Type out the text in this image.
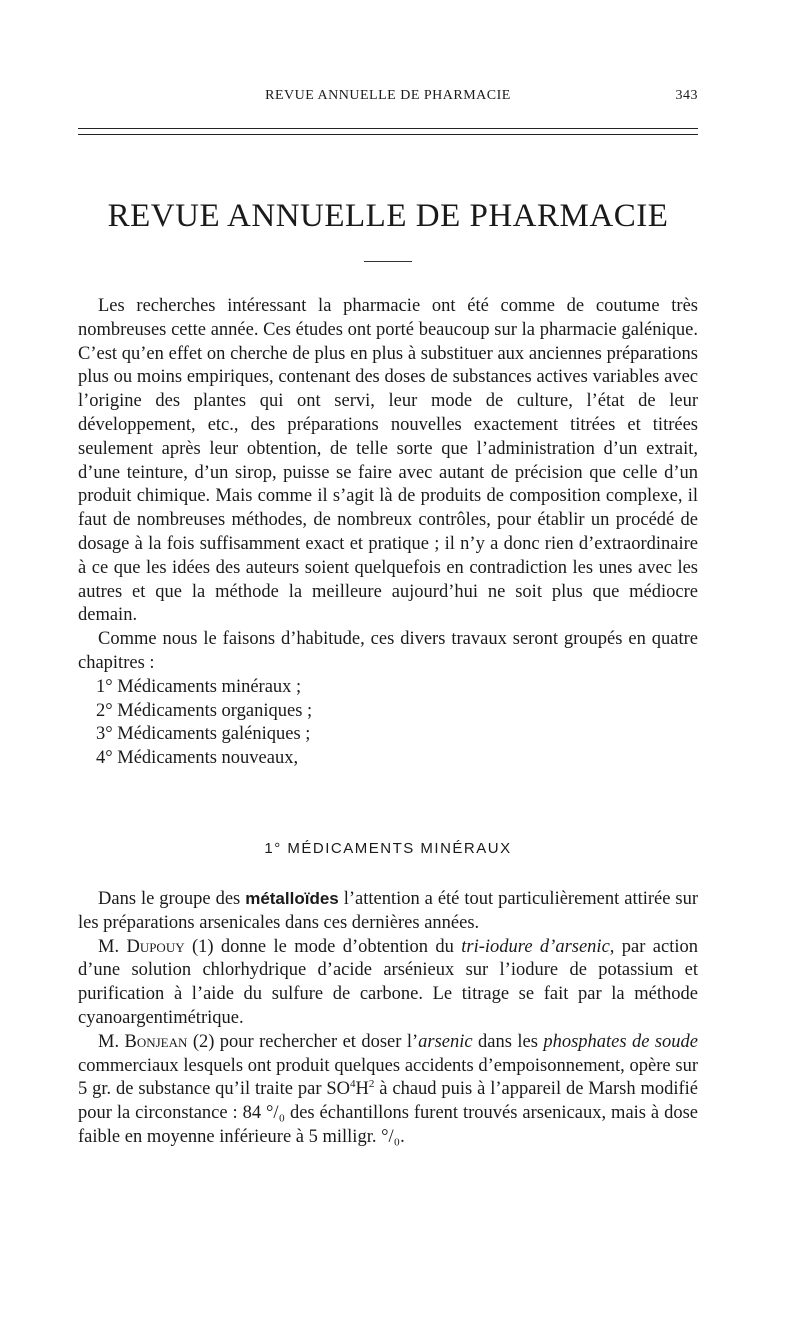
REVUE ANNUELLE DE PHARMACIE	343
REVUE ANNUELLE DE PHARMACIE

Les recherches intéressant la pharmacie ont été comme de coutume très nombreuses cette année. Ces études ont porté beaucoup sur la pharmacie galénique. C’est qu’en effet on cherche de plus en plus à substituer aux anciennes préparations plus ou moins empiriques, contenant des doses de substances actives variables avec l’origine des plantes qui ont servi, leur mode de culture, l’état de leur développement, etc., des préparations nouvelles exactement titrées et titrées seulement après leur obtention, de telle sorte que l’administration d’un extrait, d’une teinture, d’un sirop, puisse se faire avec autant de précision que celle d’un produit chimique. Mais comme il s’agit là de produits de composition complexe, il faut de nombreuses méthodes, de nombreux contrôles, pour établir un procédé de dosage à la fois suffisamment exact et pratique ; il n’y a donc rien d’extraordinaire à ce que les idées des auteurs soient quelquefois en contradiction les unes avec les autres et que la méthode la meilleure aujourd’hui ne soit plus que médiocre demain.

Comme nous le faisons d’habitude, ces divers travaux seront groupés en quatre chapitres :

1° Médicaments minéraux ;
2° Médicaments organiques ;
3° Médicaments galéniques ;
4° Médicaments nouveaux,
1° MÉDICAMENTS MINÉRAUX

Dans le groupe des métalloïdes l’attention a été tout particulièrement attirée sur les préparations arsenicales dans ces dernières années.

M. Dupouy (1) donne le mode d’obtention du tri-iodure d’arsenic, par action d’une solution chlorhydrique d’acide arsénieux sur l’iodure de potassium et purification à l’aide du sulfure de carbone. Le titrage se fait par la méthode cyanoargentimétrique.

M. Bonjean (2) pour rechercher et doser l’arsenic dans les phosphates de soude commerciaux lesquels ont produit quelques accidents d’empoisonnement, opère sur 5 gr. de substance qu’il traite par $SO^4H^2$ à chaud puis à l’appareil de Marsh modifié pour la circonstance : 84 °/₀ des échantillons furent trouvés arsenicaux, mais à dose faible en moyenne inférieure à 5 milligr. °/₀.
